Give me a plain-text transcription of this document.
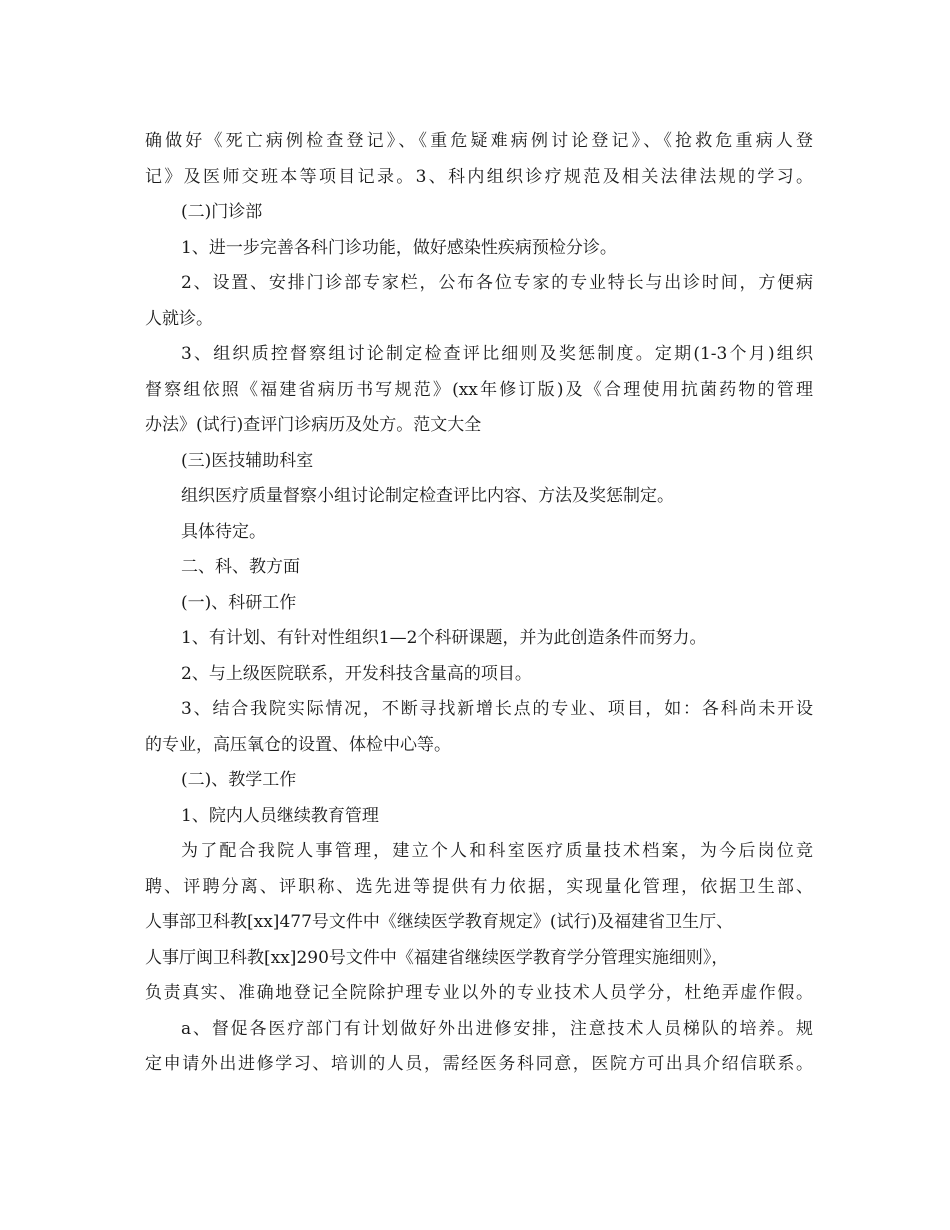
确做好《死亡病例检查登记》、《重危疑难病例讨论登记》、《抢救危重病人登
记》及医师交班本等项目记录。3、科内组织诊疗规范及相关法律法规的学习。
(二)门诊部
1、进一步完善各科门诊功能，做好感染性疾病预检分诊。
2、设置、安排门诊部专家栏，公布各位专家的专业特长与出诊时间，方便病
人就诊。
3、组织质控督察组讨论制定检查评比细则及奖惩制度。定期(1-3个月)组织
督察组依照《福建省病历书写规范》(xx年修订版)及《合理使用抗菌药物的管理
办法》(试行)查评门诊病历及处方。范文大全
(三)医技辅助科室
组织医疗质量督察小组讨论制定检查评比内容、方法及奖惩制定。
具体待定。
二、科、教方面
(一)、科研工作
1、有计划、有针对性组织1—2个科研课题，并为此创造条件而努力。
2、与上级医院联系，开发科技含量高的项目。
3、结合我院实际情况，不断寻找新增长点的专业、项目，如：各科尚未开设
的专业，高压氧仓的设置、体检中心等。
(二)、教学工作
1、院内人员继续教育管理
为了配合我院人事管理，建立个人和科室医疗质量技术档案，为今后岗位竞
聘、评聘分离、评职称、选先进等提供有力依据，实现量化管理，依据卫生部、
人事部卫科教[xx]477号文件中《继续医学教育规定》(试行)及福建省卫生厅、
人事厅闽卫科教[xx]290号文件中《福建省继续医学教育学分管理实施细则》，
负责真实、准确地登记全院除护理专业以外的专业技术人员学分，杜绝弄虚作假。
a、督促各医疗部门有计划做好外出进修安排，注意技术人员梯队的培养。规
定申请外出进修学习、培训的人员，需经医务科同意，医院方可出具介绍信联系。
